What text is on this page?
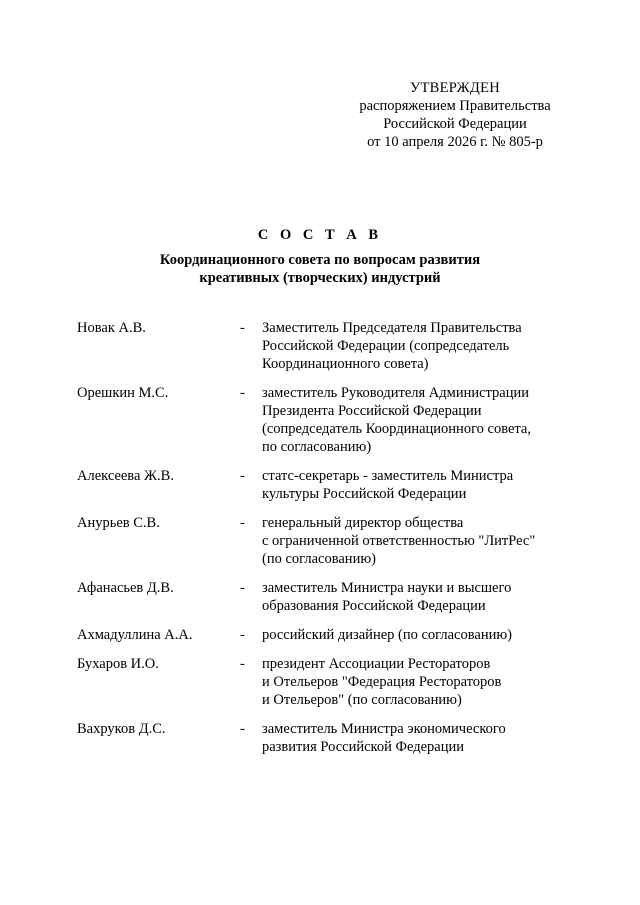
УТВЕРЖДЕН
распоряжением Правительства
Российской Федерации
от 10 апреля 2026 г. № 805-р
С О С Т А В
Координационного совета по вопросам развития
креативных (творческих) индустрий
Новак А.В.	-	Заместитель Председателя Правительства
Российской Федерации (сопредседатель
Координационного совета)
Орешкин М.С.	-	заместитель Руководителя Администрации
Президента Российской Федерации
(сопредседатель Координационного совета,
по согласованию)
Алексеева Ж.В.	-	статс-секретарь - заместитель Министра
культуры Российской Федерации
Анурьев С.В.	-	генеральный директор общества
с ограниченной ответственностью "ЛитРес"
(по согласованию)
Афанасьев Д.В.	-	заместитель Министра науки и высшего
образования Российской Федерации
Ахмадуллина А.А.	-	российский дизайнер (по согласованию)
Бухаров И.О.	-	президент Ассоциации Рестораторов
и Отельеров "Федерация Рестораторов
и Отельеров" (по согласованию)
Вахруков Д.С.	-	заместитель Министра экономического
развития Российской Федерации
